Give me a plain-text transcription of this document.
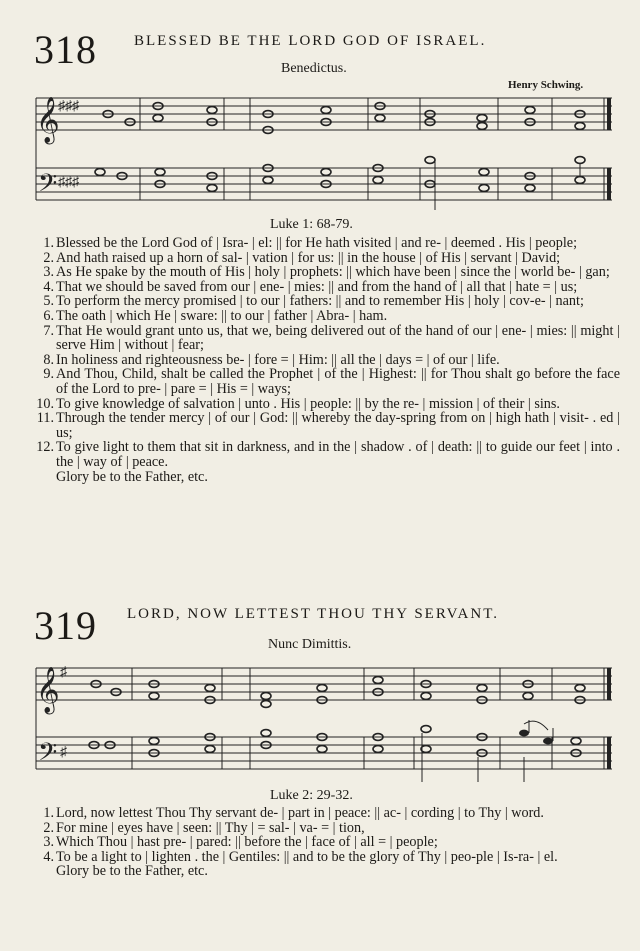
318 BLESSED BE THE LORD GOD OF ISRAEL.
Benedictus.
Henry Schwing.
𝄞
𝄢
♯♯♯
♯♯♯
Luke 1: 68-79.
1. Blessed be the Lord God of | Isra- | el: || for He hath visited | and re- | deemed . His | people;
2. And hath raised up a horn of sal- | vation | for us: || in the house | of His | servant | David;
3. As He spake by the mouth of His | holy | prophets: || which have been | since the | world be- | gan;
4. That we should be saved from our | ene- | mies: || and from the hand of | all that | hate = | us;
5. To perform the mercy promised | to our | fathers: || and to remember His | holy | cov-e- | nant;
6. The oath | which He | sware: || to our | father | Abra- | ham.
7. That He would grant unto us, that we, being delivered out of the hand of our | ene- | mies: || might | serve Him | without | fear;
8. In holiness and righteousness be- | fore = | Him: || all the | days = | of our | life.
9. And Thou, Child, shalt be called the Prophet | of the | Highest: || for Thou shalt go before the face of the Lord to pre- | pare = | His = | ways;
10. To give knowledge of salvation | unto . His | people: || by the re- | mission | of their | sins.
11. Through the tender mercy | of our | God: || whereby the day-spring from on | high hath | visit- . ed | us;
12. To give light to them that sit in darkness, and in the | shadow . of | death: || to guide our feet | into . the | way of | peace.
Glory be to the Father, etc.
319 LORD, NOW LETTEST THOU THY SERVANT.
Nunc Dimittis.
𝄞
𝄢
♯
♯
Luke 2: 29-32.
1. Lord, now lettest Thou Thy servant de- | part in | peace: || ac- | cording | to Thy | word.
2. For mine | eyes have | seen: || Thy | = sal- | va- = | tion,
3. Which Thou | hast pre- | pared: || before the | face of | all = | people;
4. To be a light to | lighten . the | Gentiles: || and to be the glory of Thy | peo-ple | Is-ra- | el.
Glory be to the Father, etc.
